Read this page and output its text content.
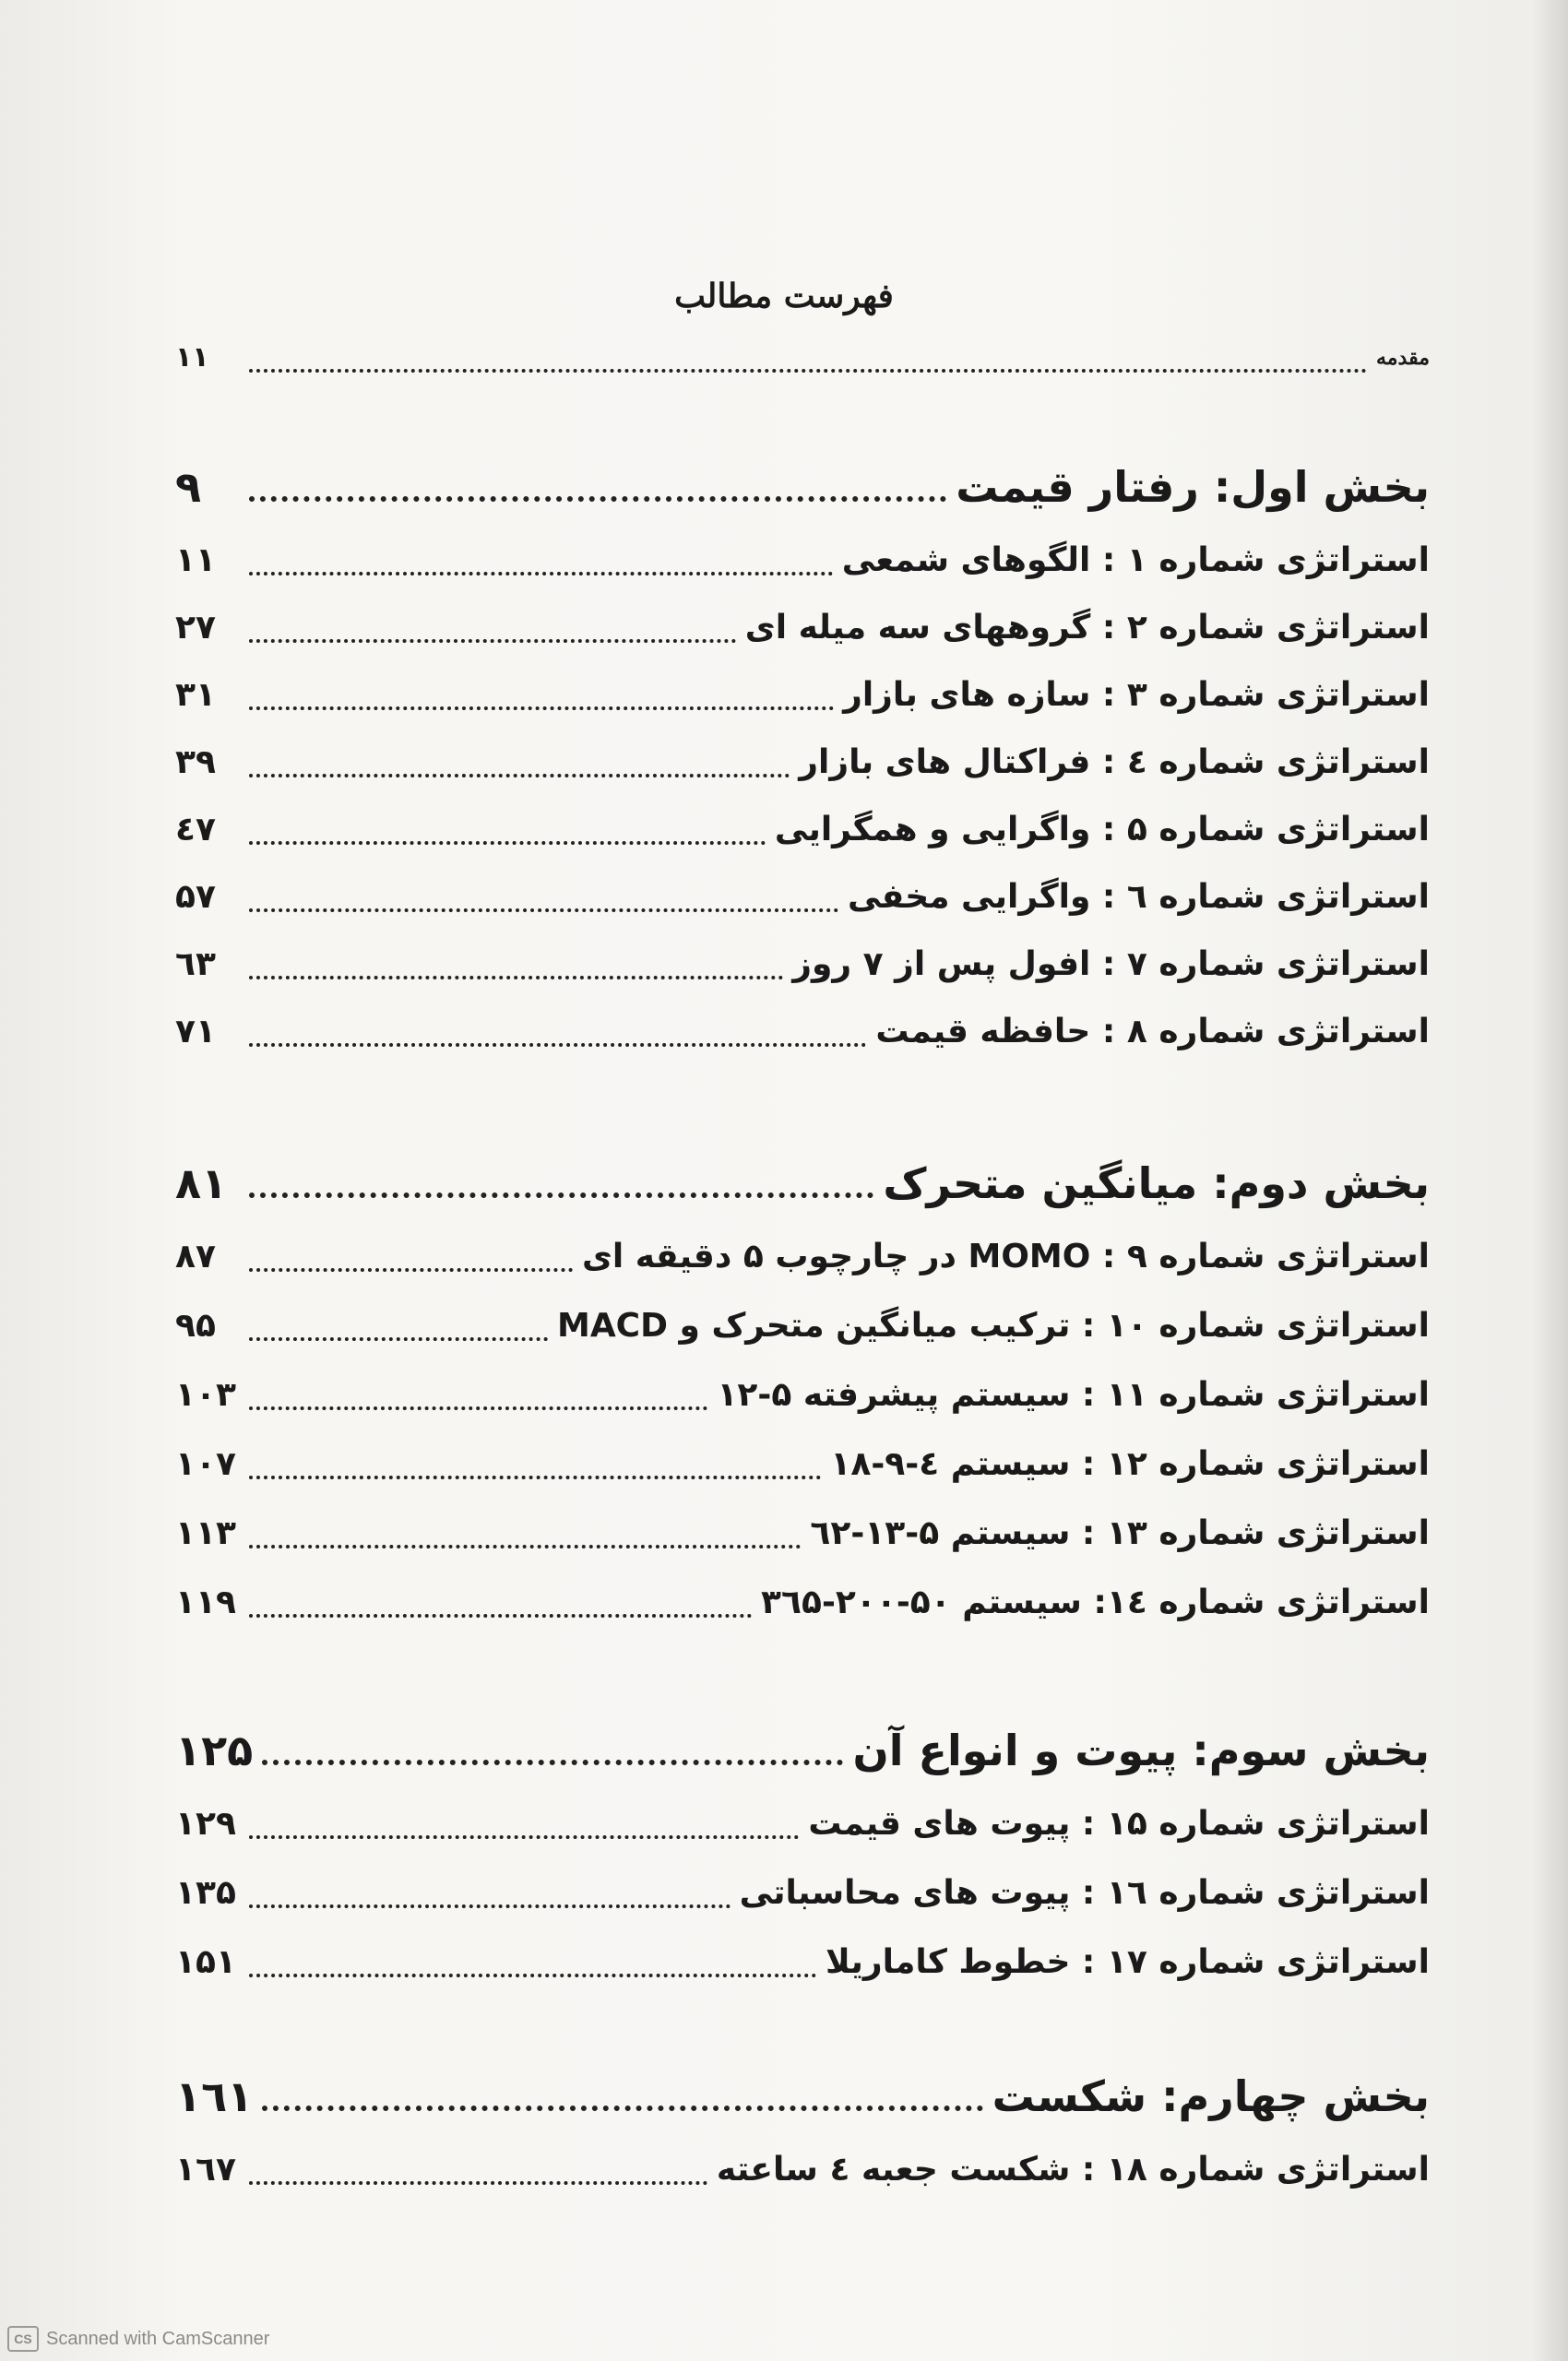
فهرست مطالب
مقدمه
۱۱
بخش اول: رفتار قیمت
۹
استراتژی شماره ۱ : الگوهای شمعی
۱۱
استراتژی شماره ۲ : گروههای سه میله ای
۲۷
استراتژی شماره ۳ : سازه های بازار
۳۱
استراتژی شماره ٤ : فراکتال های بازار
۳۹
استراتژی شماره ۵ : واگرایی و همگرایی
٤۷
استراتژی شماره ٦ : واگرایی مخفی
۵۷
استراتژی شماره ۷ : افول پس از ۷ روز
٦۳
استراتژی شماره ۸ : حافظه قیمت
۷۱
بخش دوم: میانگین متحرک
۸۱
استراتژی شماره ۹ : MOMO در چارچوب ۵ دقیقه ای
۸۷
استراتژی شماره ۱۰ : ترکیب میانگین متحرک و MACD
۹۵
استراتژی شماره ۱۱ : سیستم پیشرفته ۵-۱۲
۱۰۳
استراتژی شماره ۱۲ : سیستم ٤-۹-۱۸
۱۰۷
استراتژی شماره ۱۳ : سیستم ۵-۱۳-٦۲
۱۱۳
استراتژی شماره ۱٤: سیستم ۵۰-۲۰۰-۳٦۵
۱۱۹
بخش سوم: پیوت و انواع آن
۱۲۵
استراتژی شماره ۱۵ : پیوت های قیمت
۱۲۹
استراتژی شماره ۱٦ : پیوت های محاسباتی
۱۳۵
استراتژی شماره ۱۷ : خطوط کاماریلا
۱۵۱
بخش چهارم: شکست
۱٦۱
استراتژی شماره ۱۸ : شکست جعبه ٤ ساعته
۱٦۷
CS Scanned with CamScanner
